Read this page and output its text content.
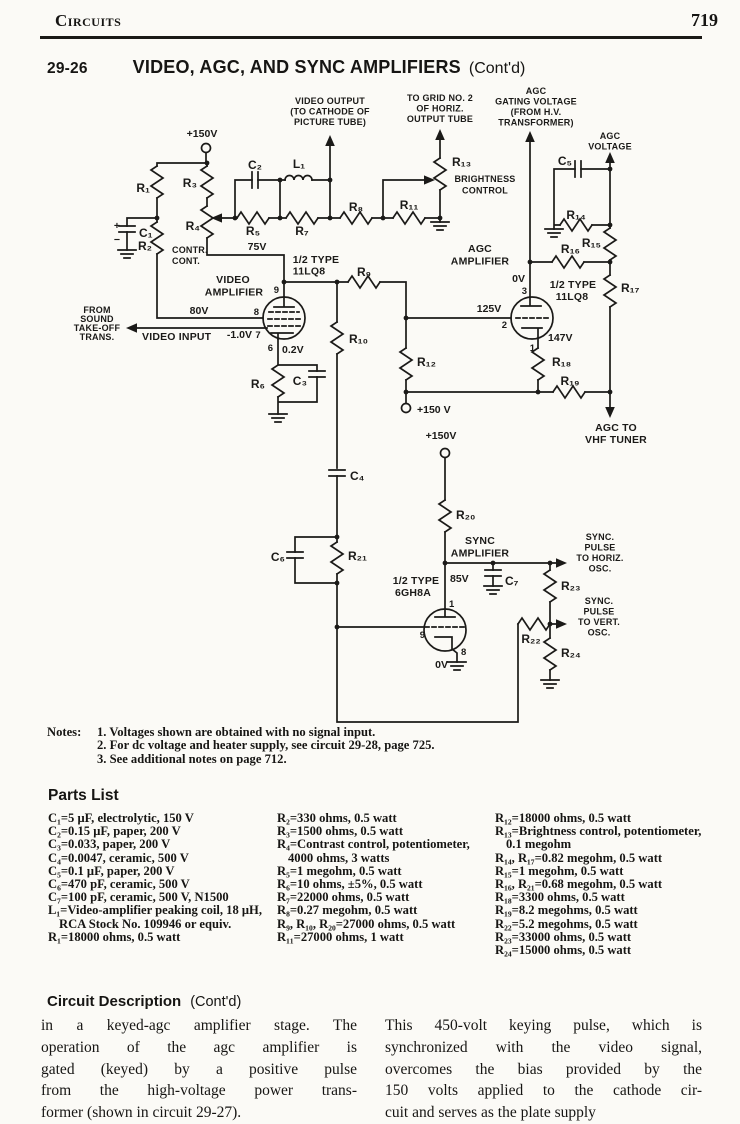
Circuits	719
29-26	VIDEO, AGC, AND SYNC AMPLIFIERS (Cont'd)
+150V
C₂	L₁
R₁	R₃
R₄
C₁
+
− R₂ CONTR.
CONT.
R₅	R₇
R₈	R₁₁
VIDEO OUTPUT
(TO CATHODE OF
PICTURE TUBE)
TO GRID NO. 2
OF HORIZ.
OUTPUT TUBE
R₁₃
BRIGHTNESS
CONTROL
AGC
GATING VOLTAGE
(FROM H.V.
TRANSFORMER)
AGC
VOLTAGE
C₅
R₁₄
R₁₅
R₁₆
R₁₇
75V
1/2 TYPE
11LQ8	R₉
VIDEO
AMPLIFIER 9
80V	8
FROM
SOUND
TAKE-OFF
TRANS.	VIDEO INPUT -1.0V 7
6 0.2V
R₆ C₃
R₁₀
R₁₂
AGC
AMPLIFIER
0V
3
125V
2
1/2 TYPE
11LQ8
147V
1
R₁₈
R₁₉
+150 V
AGC TO
VHF TUNER
+150V
R₂₀
SYNC
AMPLIFIER
1/2 TYPE
6GH8A
85V
1
C₄
C₆	R₂₁
C₇
SYNC.
PULSE
TO HORIZ.
OSC.
R₂₃
SYNC.
PULSE
TO VERT.
OSC.
R₂₂
R₂₄
9
8
0V
Notes:	1. Voltages shown are obtained with no signal input.
2. For dc voltage and heater supply, see circuit 29-28, page 725.
3. See additional notes on page 712.
Parts List
C₁=5 μF, electrolytic, 150 V
C₂=0.15 μF, paper, 200 V
C₃=0.033, paper, 200 V
C₄=0.0047, ceramic, 500 V
C₅=0.1 μF, paper, 200 V
C₆=470 pF, ceramic, 500 V
C₇=100 pF, ceramic, 500 V, N1500
L₁=Video-amplifier peaking coil, 18 μH, RCA Stock No. 109946 or equiv.
R₁=18000 ohms, 0.5 watt
R₂=330 ohms, 0.5 watt
R₃=1500 ohms, 0.5 watt
R₄=Contrast control, potentiometer, 4000 ohms, 3 watts
R₅=1 megohm, 0.5 watt
R₆=10 ohms, ±5%, 0.5 watt
R₇=22000 ohms, 0.5 watt
R₈=0.27 megohm, 0.5 watt
R₉, R₁₀, R₂₀=27000 ohms, 0.5 watt
R₁₁=27000 ohms, 1 watt
R₁₂=18000 ohms, 0.5 watt
R₁₃=Brightness control, potentiometer, 0.1 megohm
R₁₄, R₁₇=0.82 megohm, 0.5 watt
R₁₅=1 megohm, 0.5 watt
R₁₆, R₂₁=0.68 megohm, 0.5 watt
R₁₈=3300 ohms, 0.5 watt
R₁₉=8.2 megohms, 0.5 watt
R₂₂=5.2 megohms, 0.5 watt
R₂₃=33000 ohms, 0.5 watt
R₂₄=15000 ohms, 0.5 watt
Circuit Description (Cont'd)
in a keyed-agc amplifier stage. The
operation of the agc amplifier is
gated (keyed) by a positive pulse
from the high-voltage power trans-
former (shown in circuit 29-27).
This 450-volt keying pulse, which is
synchronized with the video signal,
overcomes the bias provided by the
150 volts applied to the cathode cir-
cuit and serves as the plate supply
